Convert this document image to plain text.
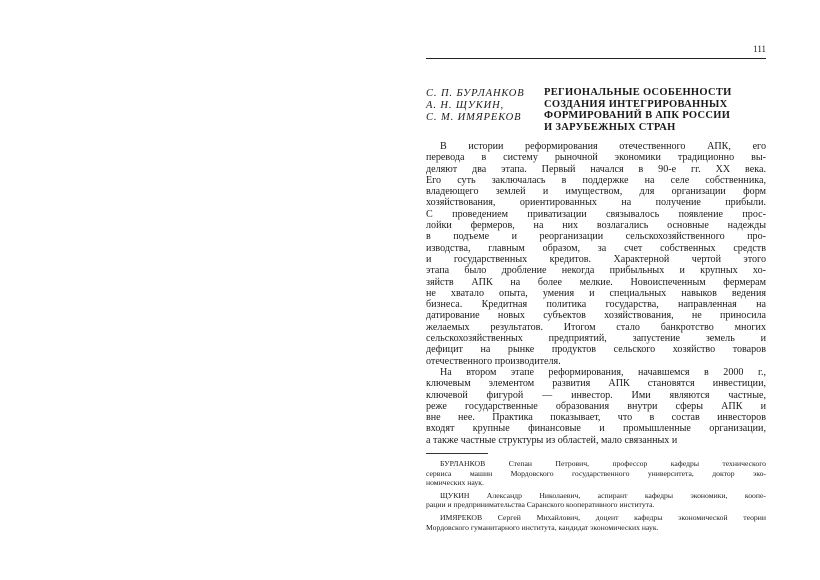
111
С. П. БУРЛАНКОВ
А. Н. ЩУКИН,
С. М. ИМЯРЕКОВ
РЕГИОНАЛЬНЫЕ ОСОБЕННОСТИ
СОЗДАНИЯ ИНТЕГРИРОВАННЫХ
ФОРМИРОВАНИЙ В АПК РОССИИ
И ЗАРУБЕЖНЫХ СТРАН
В истории реформирования отечественного АПК, его
перевода в систему рыночной экономики традиционно вы-
деляют два этапа. Первый начался в 90-е гг. XX века.
Его суть заключалась в поддержке на селе собственника,
владеющего землей и имуществом, для организации форм
хозяйствования, ориентированных на получение прибыли.
С проведением приватизации связывалось появление прос-
лойки фермеров, на них возлагались основные надежды
в подъеме и реорганизации сельскохозяйственного про-
изводства, главным образом, за счет собственных средств
и государственных кредитов. Характерной чертой этого
этапа было дробление некогда прибыльных и крупных хо-
зяйств АПК на более мелкие. Новоиспеченным фермерам
не хватало опыта, умения и специальных навыков ведения
бизнеса. Кредитная политика государства, направленная на
датирование новых субъектов хозяйствования, не приносила
желаемых результатов. Итогом стало банкротство многих
сельскохозяйственных предприятий, запустение земель и
дефицит на рынке продуктов сельского хозяйство товаров
отечественного производителя.
На втором этапе реформирования, начавшемся в 2000 г.,
ключевым элементом развития АПК становятся инвестиции,
ключевой фигурой — инвестор. Ими являются частные,
реже государственные образования внутри сферы АПК и
вне нее. Практика показывает, что в состав инвесторов
входят крупные финансовые и промышленные организации,
а также частные структуры из областей, мало связанных и
БУРЛАНКОВ Степан Петрович, профессор кафедры технического
сервиса машин Мордовского государственного университета, доктор эко-
номических наук.
ЩУКИН Александр Николаевич, аспирант кафедры экономики, коопе-
рации и предпринимательства Саранского кооперативного института.
ИМЯРЕКОВ Сергей Михайлович, доцент кафедры экономической теории
Мордовского гуманитарного института, кандидат экономических наук.
